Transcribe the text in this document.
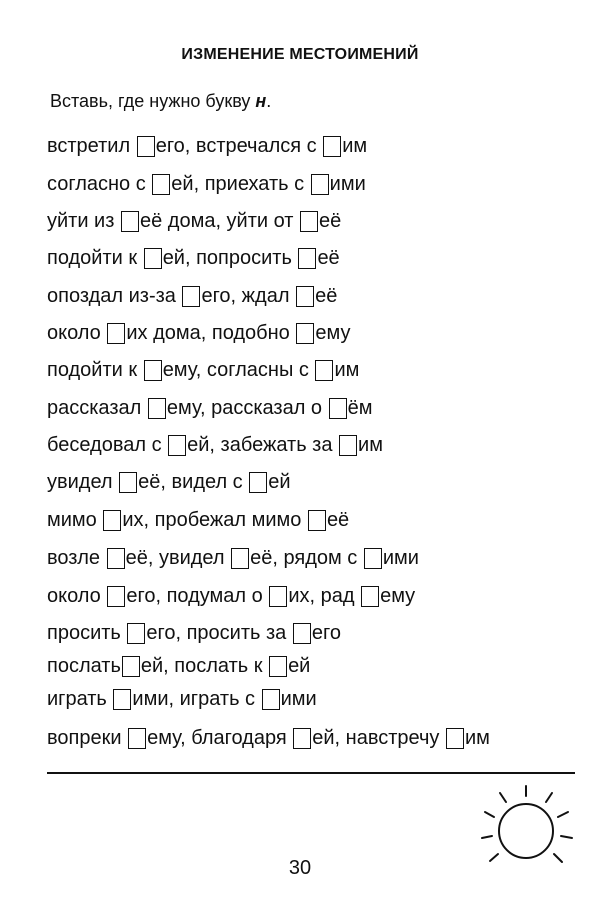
ИЗМЕНЕНИЕ МЕСТОИМЕНИЙ
Вставь, где нужно букву н.
встретил его, встречался с им
согласно с ей, приехать с ими
уйти из её дома, уйти от её
подойти к ей, попросить её
опоздал из-за его, ждал её
около их дома, подобно ему
подойти к ему, согласны с им
рассказал ему, рассказал о ём
беседовал с ей, забежать за им
увидел её, видел с ей
мимо их, пробежал мимо её
возле её, увидел её, рядом с ими
около его, подумал о их, рад ему
просить его, просить за его
послать ей, послать к ей
играть ими, играть с ими
вопреки ему, благодаря ей, навстречу им
30
